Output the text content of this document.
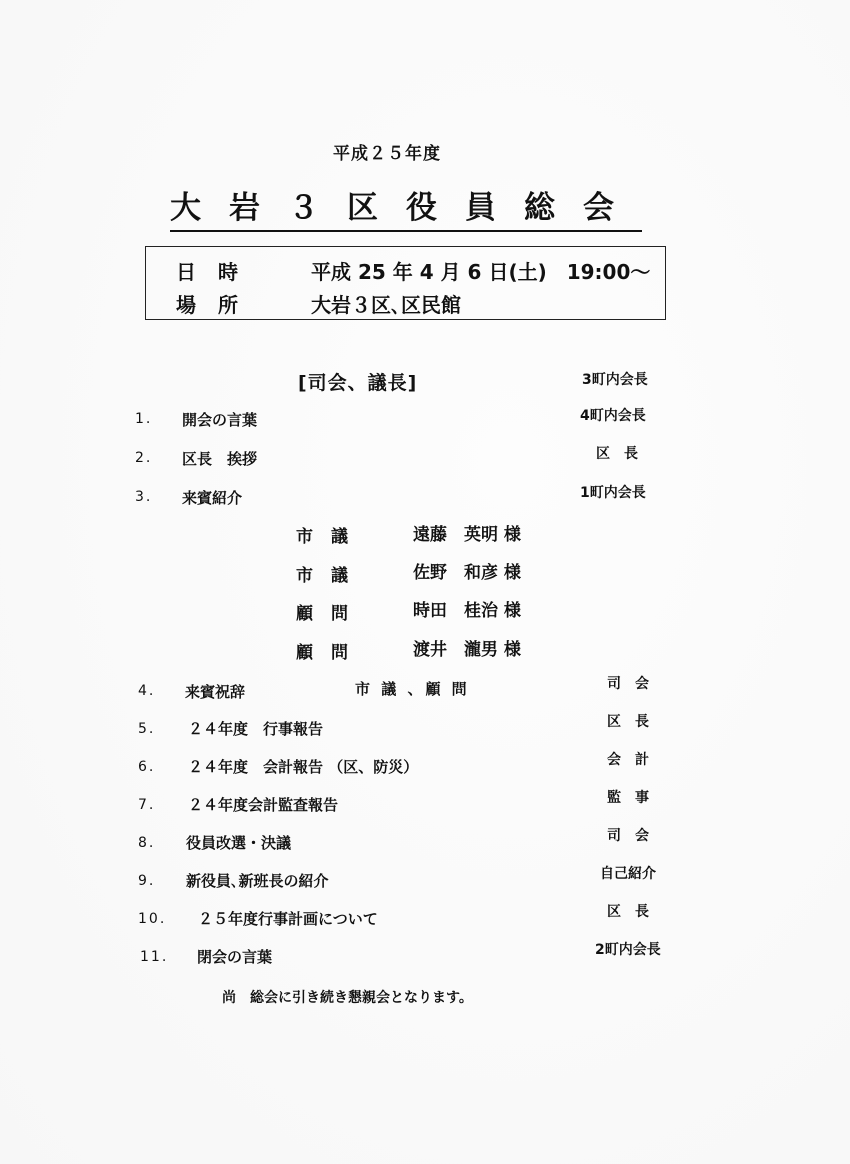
平成２５年度
大岩３区役員総会
日時	平成 25 年 4 月 6 日(土)　19:00～
場所	大岩３区､区民館
[司会、議長]	3町内会長
1. 開会の言葉	4町内会長
2. 区長　挨拶	区長
3. 来賓紹介	1町内会長
市議	遠藤　英明 様
市議	佐野　和彦 様
顧問	時田　桂治 様
顧問	渡井　瀧男 様
4. 来賓祝辞	市 議 、顧 問	司会
5. ２４年度　行事報告	区長
6. ２４年度　会計報告 （区、防災）	会計
7. ２４年度会計監査報告	監事
8. 役員改選・決議	司会
9. 新役員､新班長の紹介	自己紹介
10. ２５年度行事計画について	区長
11. 閉会の言葉	2町内会長
尚　総会に引き続き懇親会となります。
